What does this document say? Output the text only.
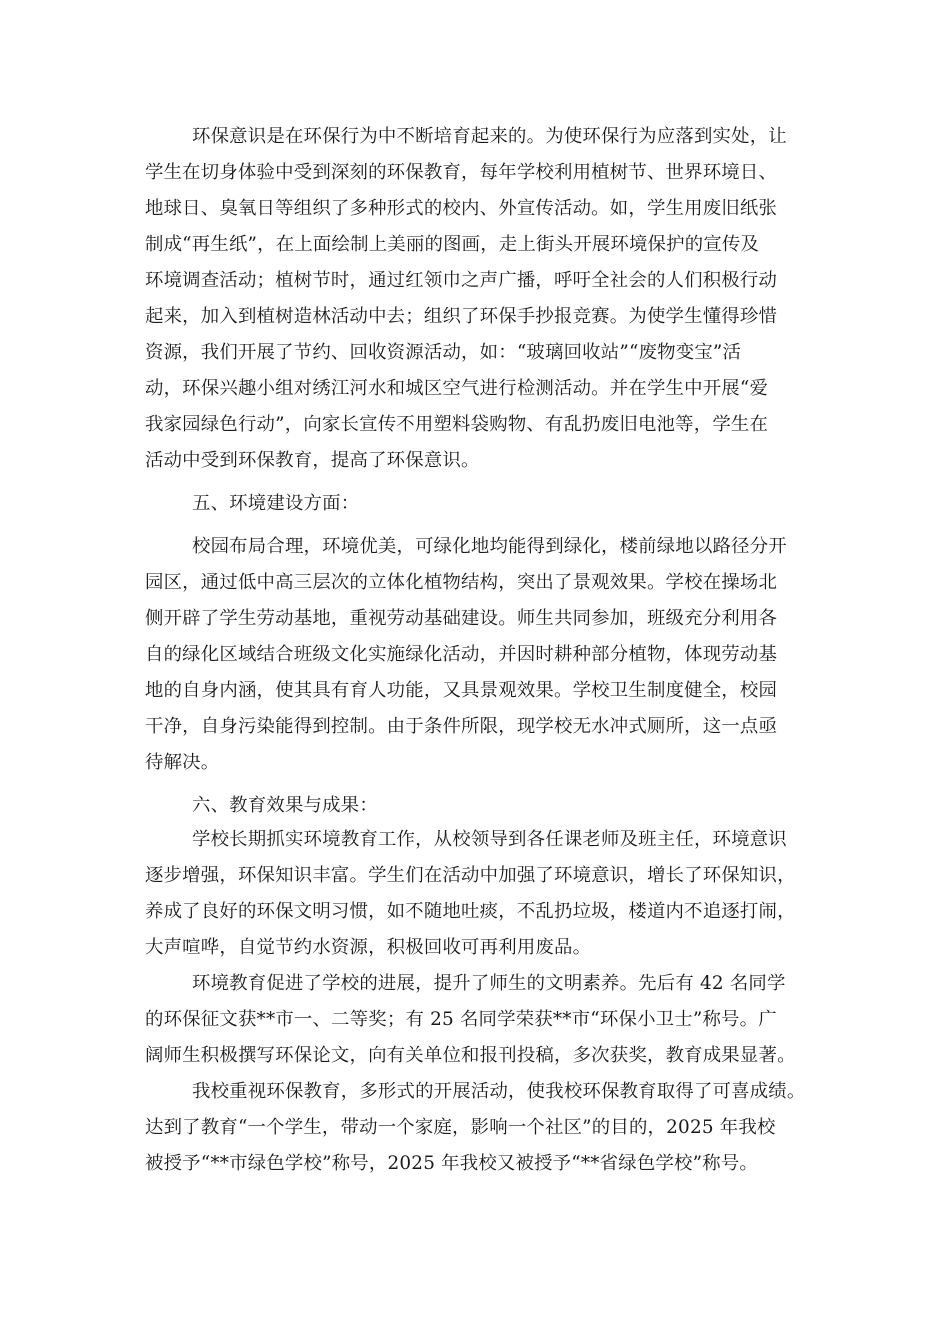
环保意识是在环保行为中不断培育起来的。为使环保行为应落到实处，让

学生在切身体验中受到深刻的环保教育，每年学校利用植树节、世界环境日、

地球日、臭氧日等组织了多种形式的校内、外宣传活动。如，学生用废旧纸张

制成“再生纸”，在上面绘制上美丽的图画，走上街头开展环境保护的宣传及

环境调查活动；植树节时，通过红领巾之声广播，呼吁全社会的人们积极行动

起来，加入到植树造林活动中去；组织了环保手抄报竞赛。为使学生懂得珍惜

资源，我们开展了节约、回收资源活动，如：“玻璃回收站”“废物变宝”活

动，环保兴趣小组对绣江河水和城区空气进行检测活动。并在学生中开展“爱

我家园绿色行动”，向家长宣传不用塑料袋购物、有乱扔废旧电池等，学生在

活动中受到环保教育，提高了环保意识。

五、环境建设方面：

校园布局合理，环境优美，可绿化地均能得到绿化，楼前绿地以路径分开

园区，通过低中高三层次的立体化植物结构，突出了景观效果。学校在操场北

侧开辟了学生劳动基地，重视劳动基础建设。师生共同参加，班级充分利用各

自的绿化区域结合班级文化实施绿化活动，并因时耕种部分植物，体现劳动基

地的自身内涵，使其具有育人功能，又具景观效果。学校卫生制度健全，校园

干净，自身污染能得到控制。由于条件所限，现学校无水冲式厕所，这一点亟

待解决。

六、教育效果与成果：

学校长期抓实环境教育工作，从校领导到各任课老师及班主任，环境意识

逐步增强，环保知识丰富。学生们在活动中加强了环境意识，增长了环保知识，

养成了良好的环保文明习惯，如不随地吐痰，不乱扔垃圾，楼道内不追逐打闹，

大声喧哗，自觉节约水资源，积极回收可再利用废品。

环境教育促进了学校的进展，提升了师生的文明素养。先后有 42 名同学

的环保征文获**市一、二等奖；有 25 名同学荣获**市“环保小卫士”称号。广

阔师生积极撰写环保论文，向有关单位和报刊投稿，多次获奖，教育成果显著。

我校重视环保教育，多形式的开展活动，使我校环保教育取得了可喜成绩。

达到了教育“一个学生，带动一个家庭，影响一个社区”的目的，2025 年我校

被授予“**市绿色学校”称号，2025 年我校又被授予“**省绿色学校”称号。
